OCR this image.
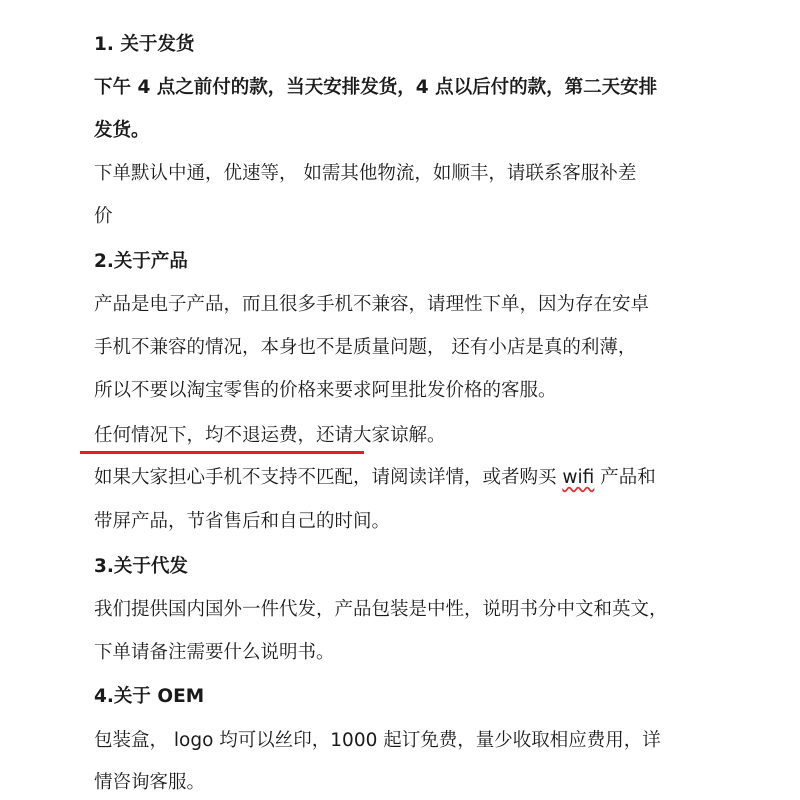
1. 关于发货
下午 4 点之前付的款，当天安排发货，4 点以后付的款，第二天安排
发货。
下单默认中通，优速等， 如需其他物流，如顺丰，请联系客服补差
价
2.关于产品
产品是电子产品，而且很多手机不兼容，请理性下单，因为存在安卓
手机不兼容的情况，本身也不是质量问题， 还有小店是真的利薄，
所以不要以淘宝零售的价格来要求阿里批发价格的客服。
任何情况下，均不退运费，还请大家谅解。
如果大家担心手机不支持不匹配，请阅读详情，或者购买 wifi 产品和
带屏产品，节省售后和自己的时间。
3.关于代发
我们提供国内国外一件代发，产品包装是中性，说明书分中文和英文，
下单请备注需要什么说明书。
4.关于 OEM
包装盒， logo 均可以丝印，1000 起订免费，量少收取相应费用，详
情咨询客服。
